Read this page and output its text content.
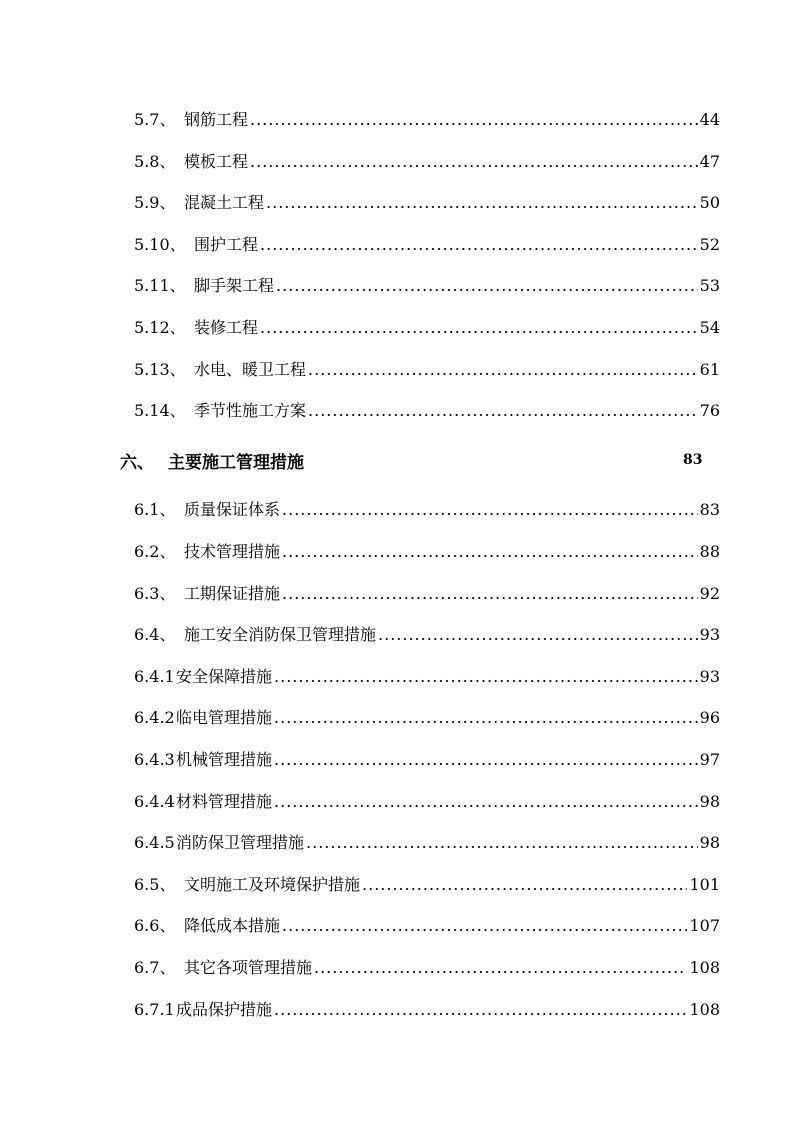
5.7、 钢筋工程 .....	44
5.8、 模板工程 .....	47
5.9、 混凝土工程 .....	50
5.10、 围护工程 .....	52
5.11、 脚手架工程 .....	53
5.12、 装修工程 .....	54
5.13、 水电、暖卫工程 .....	61
5.14、 季节性施工方案 .....	76
六、 主要施工管理措施	83
6.1、 质量保证体系 .....	83
6.2、 技术管理措施 .....	88
6.3、 工期保证措施 .....	92
6.4、 施工安全消防保卫管理措施 .....	93
6.4.1 安全保障措施 .....	93
6.4.2 临电管理措施 .....	96
6.4.3 机械管理措施 .....	97
6.4.4 材料管理措施 .....	98
6.4.5 消防保卫管理措施 .....	98
6.5、 文明施工及环境保护措施 .....	101
6.6、 降低成本措施 .....	107
6.7、 其它各项管理措施 .....	108
6.7.1 成品保护措施 .....	108
